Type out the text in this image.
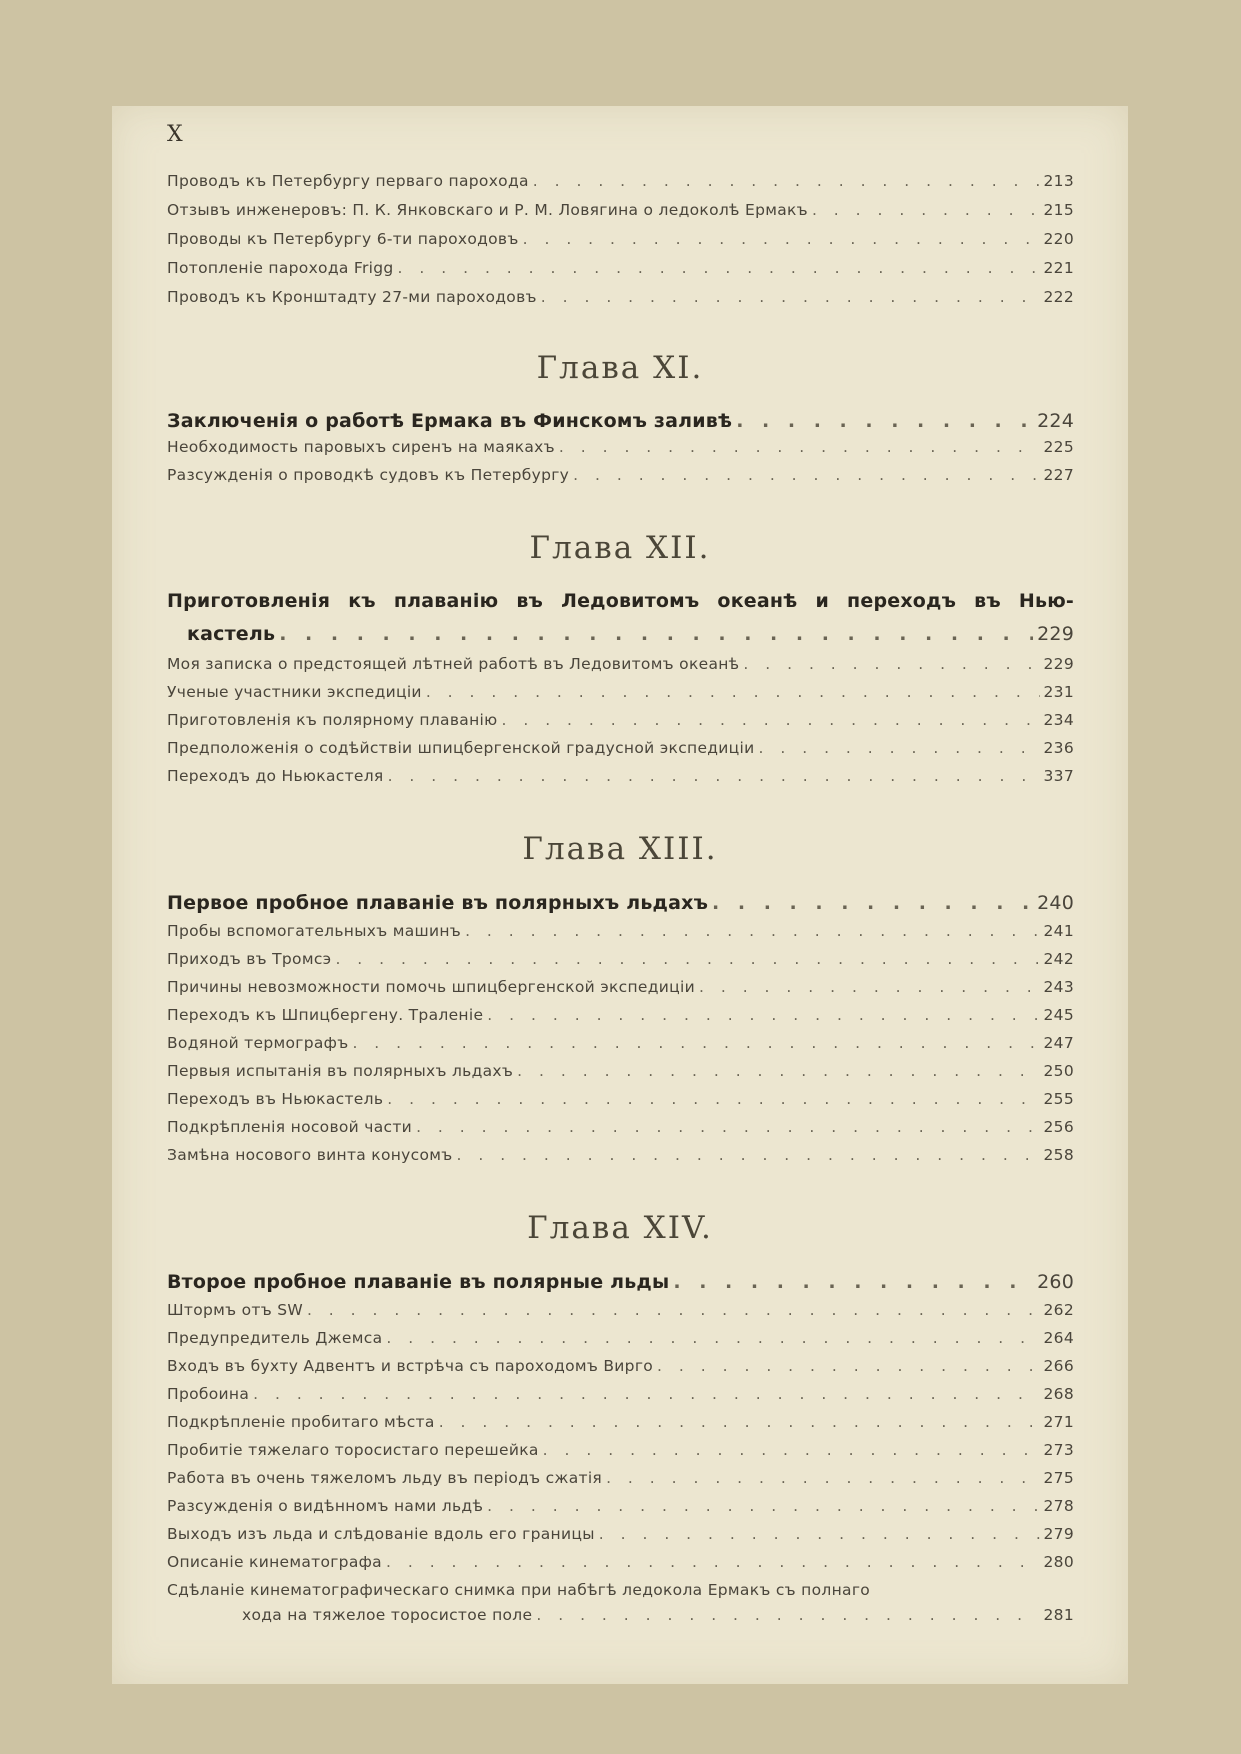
X
Проводъ къ Петербургу перваго парохода . . .	213
Отзывъ инженеровъ: П. К. Янковскаго и Р. М. Ловягина о ледоколѣ Ермакъ . . .	215
Проводы къ Петербургу 6-ти пароходовъ . . .	220
Потопленіе парохода Frigg . . .	221
Проводъ къ Кронштадту 27-ми пароходовъ . . .	222
Глава XI.
Заключенія о работѣ Ермака въ Финскомъ заливѣ . . .	224
Необходимость паровыхъ сиренъ на маякахъ . . .	225
Разсужденія о проводкѣ судовъ къ Петербургу . . .	227
Глава XII.
Приготовленія къ плаванію въ Ледовитомъ океанѣ и переходъ въ Нью-
кастель . . .	229
Моя записка о предстоящей лѣтней работѣ въ Ледовитомъ океанѣ . . .	229
Ученые участники экспедиціи . . .	231
Приготовленія къ полярному плаванію . . .	234
Предположенія о содѣйствіи шпицбергенской градусной экспедиціи . . .	236
Переходъ до Ньюкастеля . . .	337
Глава XIII.
Первое пробное плаваніе въ полярныхъ льдахъ . . .	240
Пробы вспомогательныхъ машинъ . . .	241
Приходъ въ Тромсэ . . .	242
Причины невозможности помочь шпицбергенской экспедиціи . . .	243
Переходъ къ Шпицбергену. Траленіе . . .	245
Водяной термографъ . . .	247
Первыя испытанія въ полярныхъ льдахъ . . .	250
Переходъ въ Ньюкастель . . .	255
Подкрѣпленія носовой части . . .	256
Замѣна носового винта конусомъ . . .	258
Глава XIV.
Второе пробное плаваніе въ полярные льды . . .	260
Штормъ отъ SW . . .	262
Предупредитель Джемса . . .	264
Входъ въ бухту Адвентъ и встрѣча съ пароходомъ Вирго . . .	266
Пробоина . . .	268
Подкрѣпленіе пробитаго мѣста . . .	271
Пробитіе тяжелаго торосистаго перешейка . . .	273
Работа въ очень тяжеломъ льду въ періодъ сжатія . . .	275
Разсужденія о видѣнномъ нами льдѣ . . .	278
Выходъ изъ льда и слѣдованіе вдоль его границы . . .	279
Описаніе кинематографа . . .	280
Сдѣланіе кинематографическаго снимка при набѣгѣ ледокола Ермакъ съ полнаго
хода на тяжелое торосистое поле . . .	281
